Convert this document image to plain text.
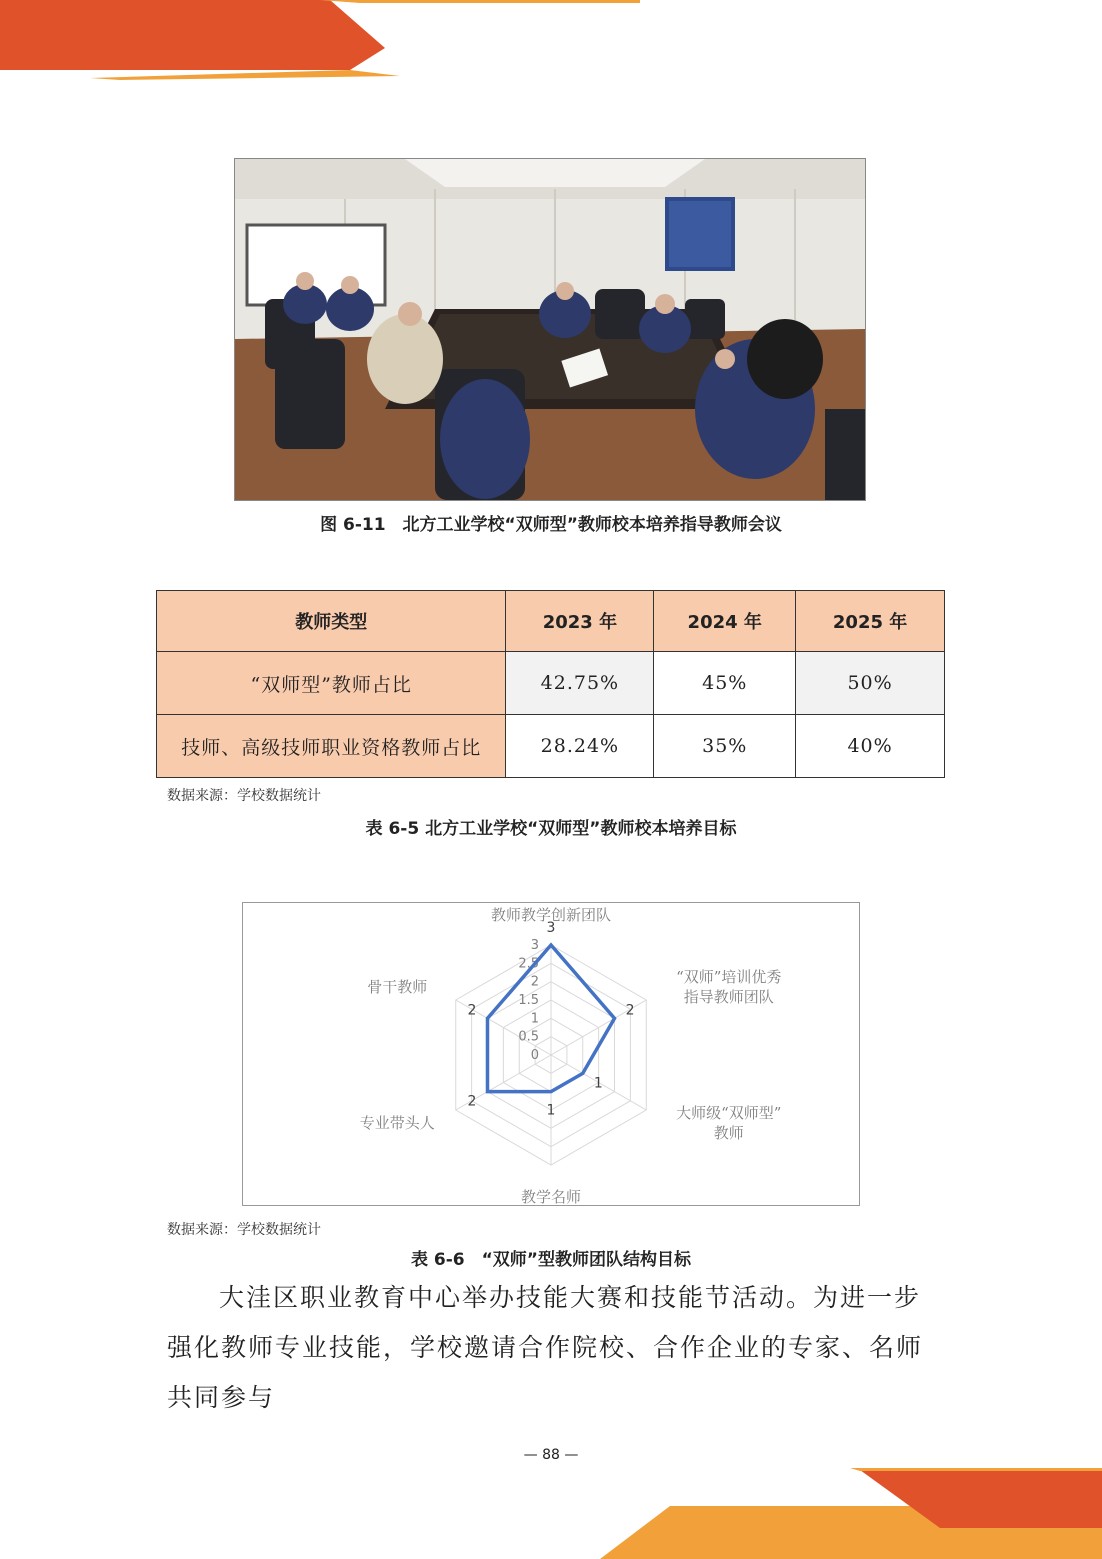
图 6-11　北方工业学校“双师型”教师校本培养指导教师会议
教师类型	2023 年	2024 年	2025 年
“双师型”教师占比	42.75%	45%	50%
技师、高级技师职业资格教师占比	28.24%	35%	40%
数据来源：学校数据统计
表 6-5 北方工业学校“双师型”教师校本培养目标
0
0.5
1
1.5
2
2.5
3
3
2
1
1
2
2
教师教学创新团队
“双师”培训优秀指导教师团队
大师级“双师型”教师
教学名师
专业带头人
骨干教师
数据来源：学校数据统计
表 6-6　“双师”型教师团队结构目标
大洼区职业教育中心举办技能大赛和技能节活动。为进一步强化教师专业技能，学校邀请合作院校、合作企业的专家、名师共同参与
— 88 —
